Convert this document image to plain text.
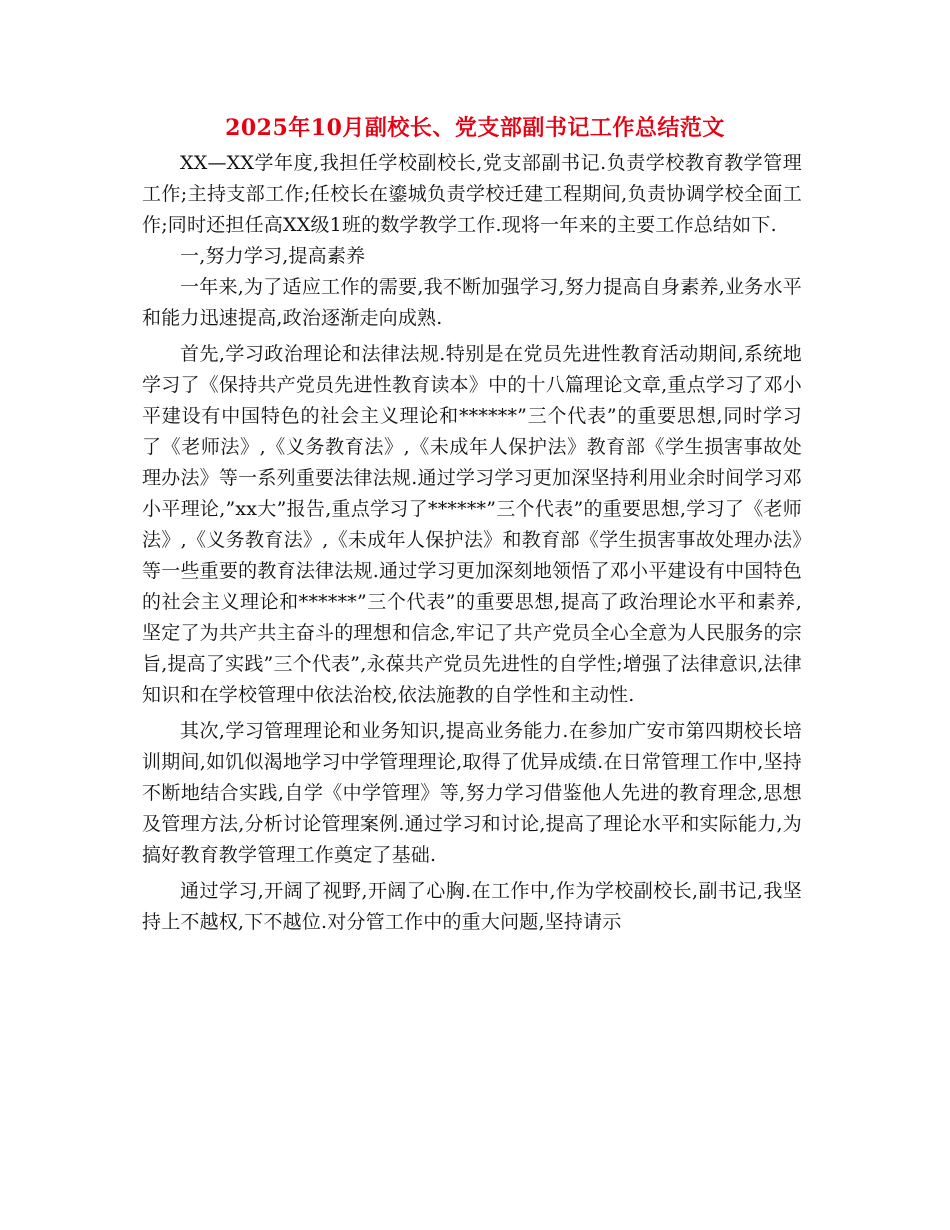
2025年10月副校长、党支部副书记工作总结范文

XX—XX学年度,我担任学校副校长,党支部副书记.负责学校教育教学管理工作;主持支部工作;任校长在鎏城负责学校迁建工程期间,负责协调学校全面工作;同时还担任高XX级1班的数学教学工作.现将一年来的主要工作总结如下.

一,努力学习,提高素养

一年来,为了适应工作的需要,我不断加强学习,努力提高自身素养,业务水平和能力迅速提高,政治逐渐走向成熟.

首先,学习政治理论和法律法规.特别是在党员先进性教育活动期间,系统地学习了《保持共产党员先进性教育读本》中的十八篇理论文章,重点学习了邓小平建设有中国特色的社会主义理论和******”三个代表”的重要思想,同时学习了《老师法》,《义务教育法》,《未成年人保护法》教育部《学生损害事故处理办法》等一系列重要法律法规.通过学习学习更加深坚持利用业余时间学习邓小平理论,”xx大”报告,重点学习了******”三个代表”的重要思想,学习了《老师法》,《义务教育法》,《未成年人保护法》和教育部《学生损害事故处理办法》等一些重要的教育法律法规.通过学习更加深刻地领悟了邓小平建设有中国特色的社会主义理论和******”三个代表”的重要思想,提高了政治理论水平和素养,坚定了为共产共主奋斗的理想和信念,牢记了共产党员全心全意为人民服务的宗旨,提高了实践”三个代表”,永葆共产党员先进性的自学性;增强了法律意识,法律知识和在学校管理中依法治校,依法施教的自学性和主动性.

其次,学习管理理论和业务知识,提高业务能力.在参加广安市第四期校长培训期间,如饥似渴地学习中学管理理论,取得了优异成绩.在日常管理工作中,坚持不断地结合实践,自学《中学管理》等,努力学习借鉴他人先进的教育理念,思想及管理方法,分析讨论管理案例.通过学习和讨论,提高了理论水平和实际能力,为搞好教育教学管理工作奠定了基础.

通过学习,开阔了视野,开阔了心胸.在工作中,作为学校副校长,副书记,我坚持上不越权,下不越位.对分管工作中的重大问题,坚持请示
